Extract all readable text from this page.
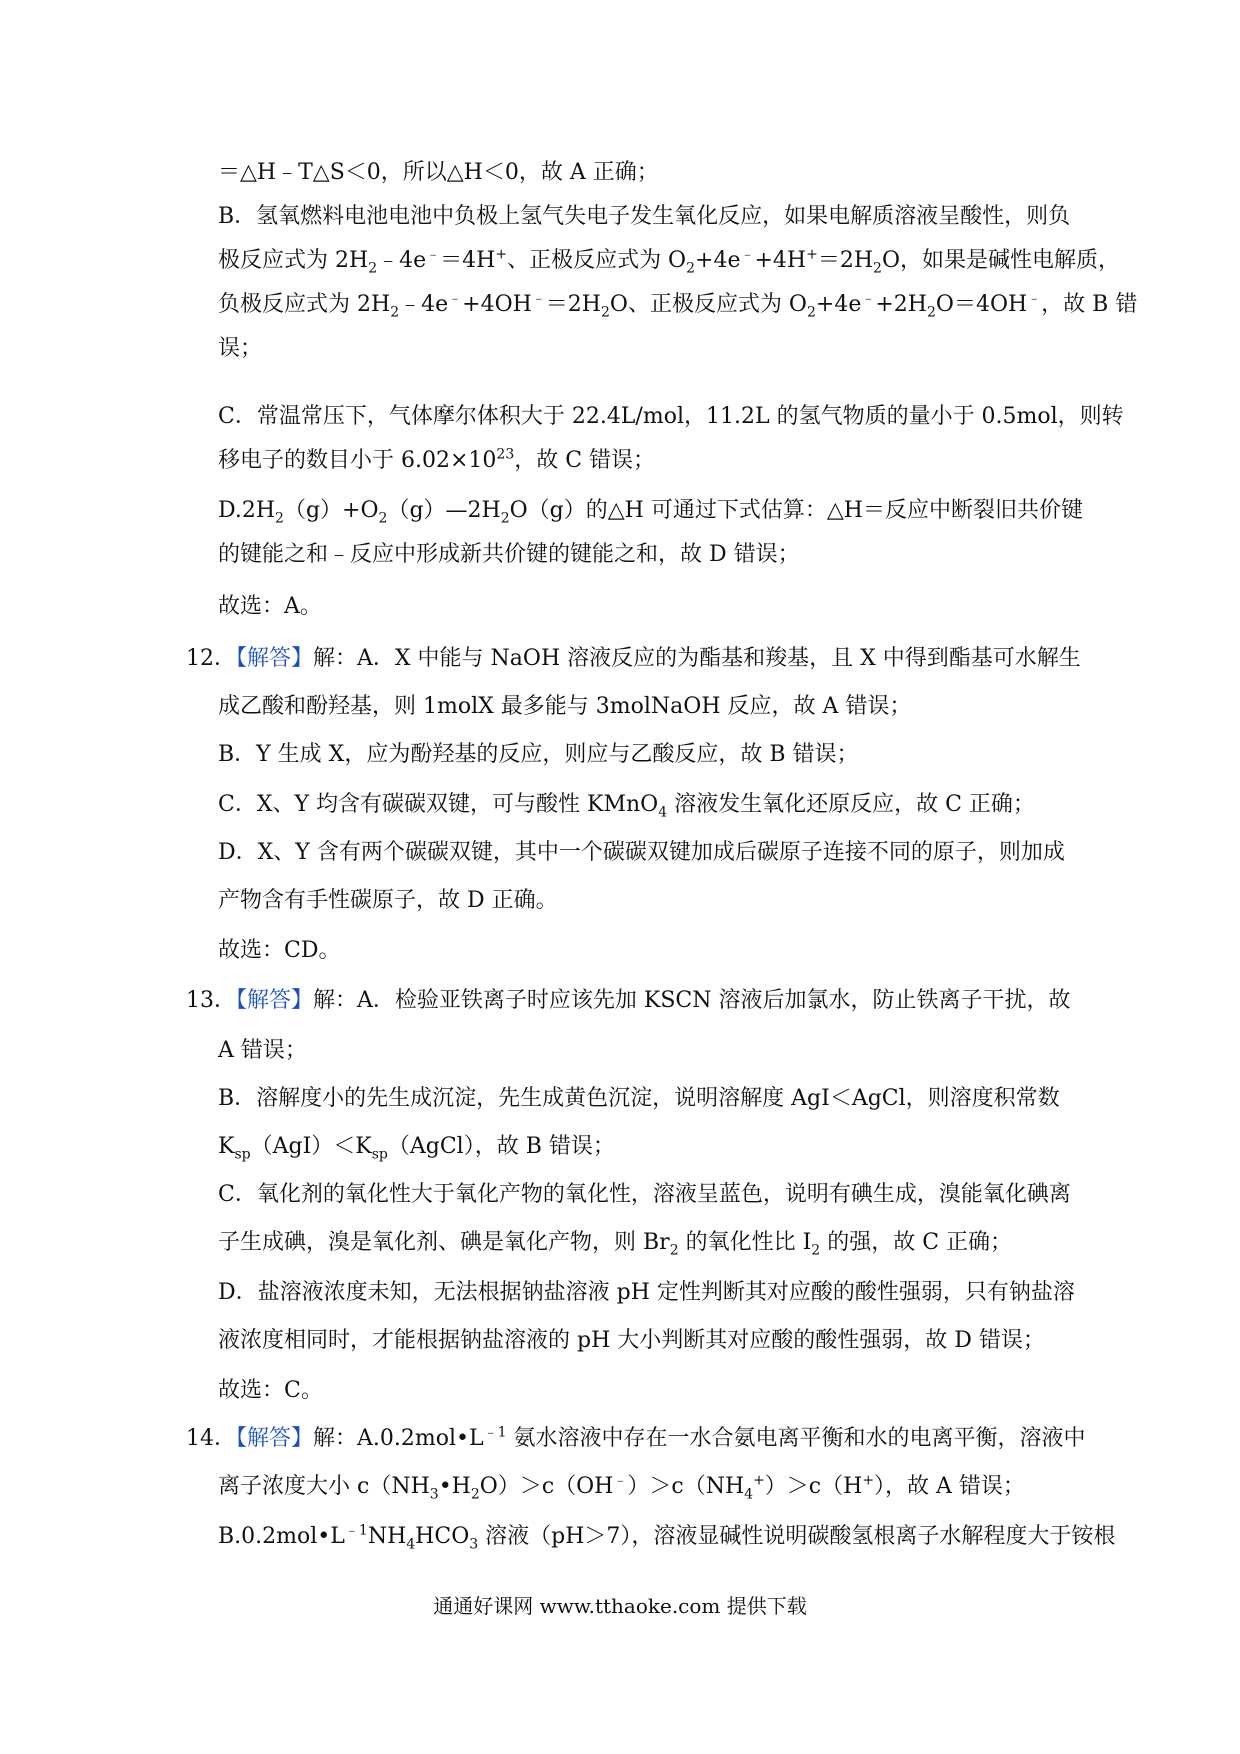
＝△H﹣T△S＜0，所以△H＜0，故 A 正确；
B．氢氧燃料电池电池中负极上氢气失电子发生氧化反应，如果电解质溶液呈酸性，则负
极反应式为 $2H_2﹣4e^﹣=4H^+$、正极反应式为 $O_2+4e^﹣+4H^+=2H_2O$，如果是碱性电解质，
负极反应式为 $2H_2﹣4e^﹣+4OH^﹣=2H_2O$、正极反应式为 $O_2+4e^﹣+2H_2O=4OH^﹣$，故 B 错
误；
C．常温常压下，气体摩尔体积大于 22.4L/mol，11.2L 的氢气物质的量小于 0.5mol，则转
移电子的数目小于 $6.02\times 10^{23}$，故 C 错误；
$D.2H_2(g)+O_2(g)—2H_2O(g)$的△H 可通过下式估算：△H＝反应中断裂旧共价键
的键能之和﹣反应中形成新共价键的键能之和，故 D 错误；
故选：A。
12．【解答】解：A．X 中能与 NaOH 溶液反应的为酯基和羧基，且 X 中得到酯基可水解生
成乙酸和酚羟基，则 1molX 最多能与 3molNaOH 反应，故 A 错误；
B．Y 生成 X，应为酚羟基的反应，则应与乙酸反应，故 B 错误；
C．X、Y 均含有碳碳双键，可与酸性 KMnO$_4$ 溶液发生氧化还原反应，故 C 正确；
D．X、Y 含有两个碳碳双键，其中一个碳碳双键加成后碳原子连接不同的原子，则加成
产物含有手性碳原子，故 D 正确。
故选：CD。
13．【解答】解：A．检验亚铁离子时应该先加 KSCN 溶液后加氯水，防止铁离子干扰，故
A 错误；
B．溶解度小的先生成沉淀，先生成黄色沉淀，说明溶解度 AgI＜AgCl，则溶度积常数
$K_{sp}(AgI)<K_{sp}(AgCl)$，故 B 错误；
C．氧化剂的氧化性大于氧化产物的氧化性，溶液呈蓝色，说明有碘生成，溴能氧化碘离
子生成碘，溴是氧化剂、碘是氧化产物，则 $Br_2$ 的氧化性比 $I_2$ 的强，故 C 正确；
D．盐溶液浓度未知，无法根据钠盐溶液 pH 定性判断其对应酸的酸性强弱，只有钠盐溶
液浓度相同时，才能根据钠盐溶液的 pH 大小判断其对应酸的酸性强弱，故 D 错误；
故选：C。
14．【解答】解：$A.0.2mol•L^{﹣1}$ 氨水溶液中存在一水合氨电离平衡和水的电离平衡，溶液中
离子浓度大小 $c(NH_3•H_2O)>c(OH^﹣)>c(NH_4^+)>c(H^+)$，故 A 错误；
$B.0.2mol•L^{﹣1}NH_4HCO_3$ 溶液（pH＞7），溶液显碱性说明碳酸氢根离子水解程度大于铵根
通通好课网 www.tthaoke.com 提供下载
